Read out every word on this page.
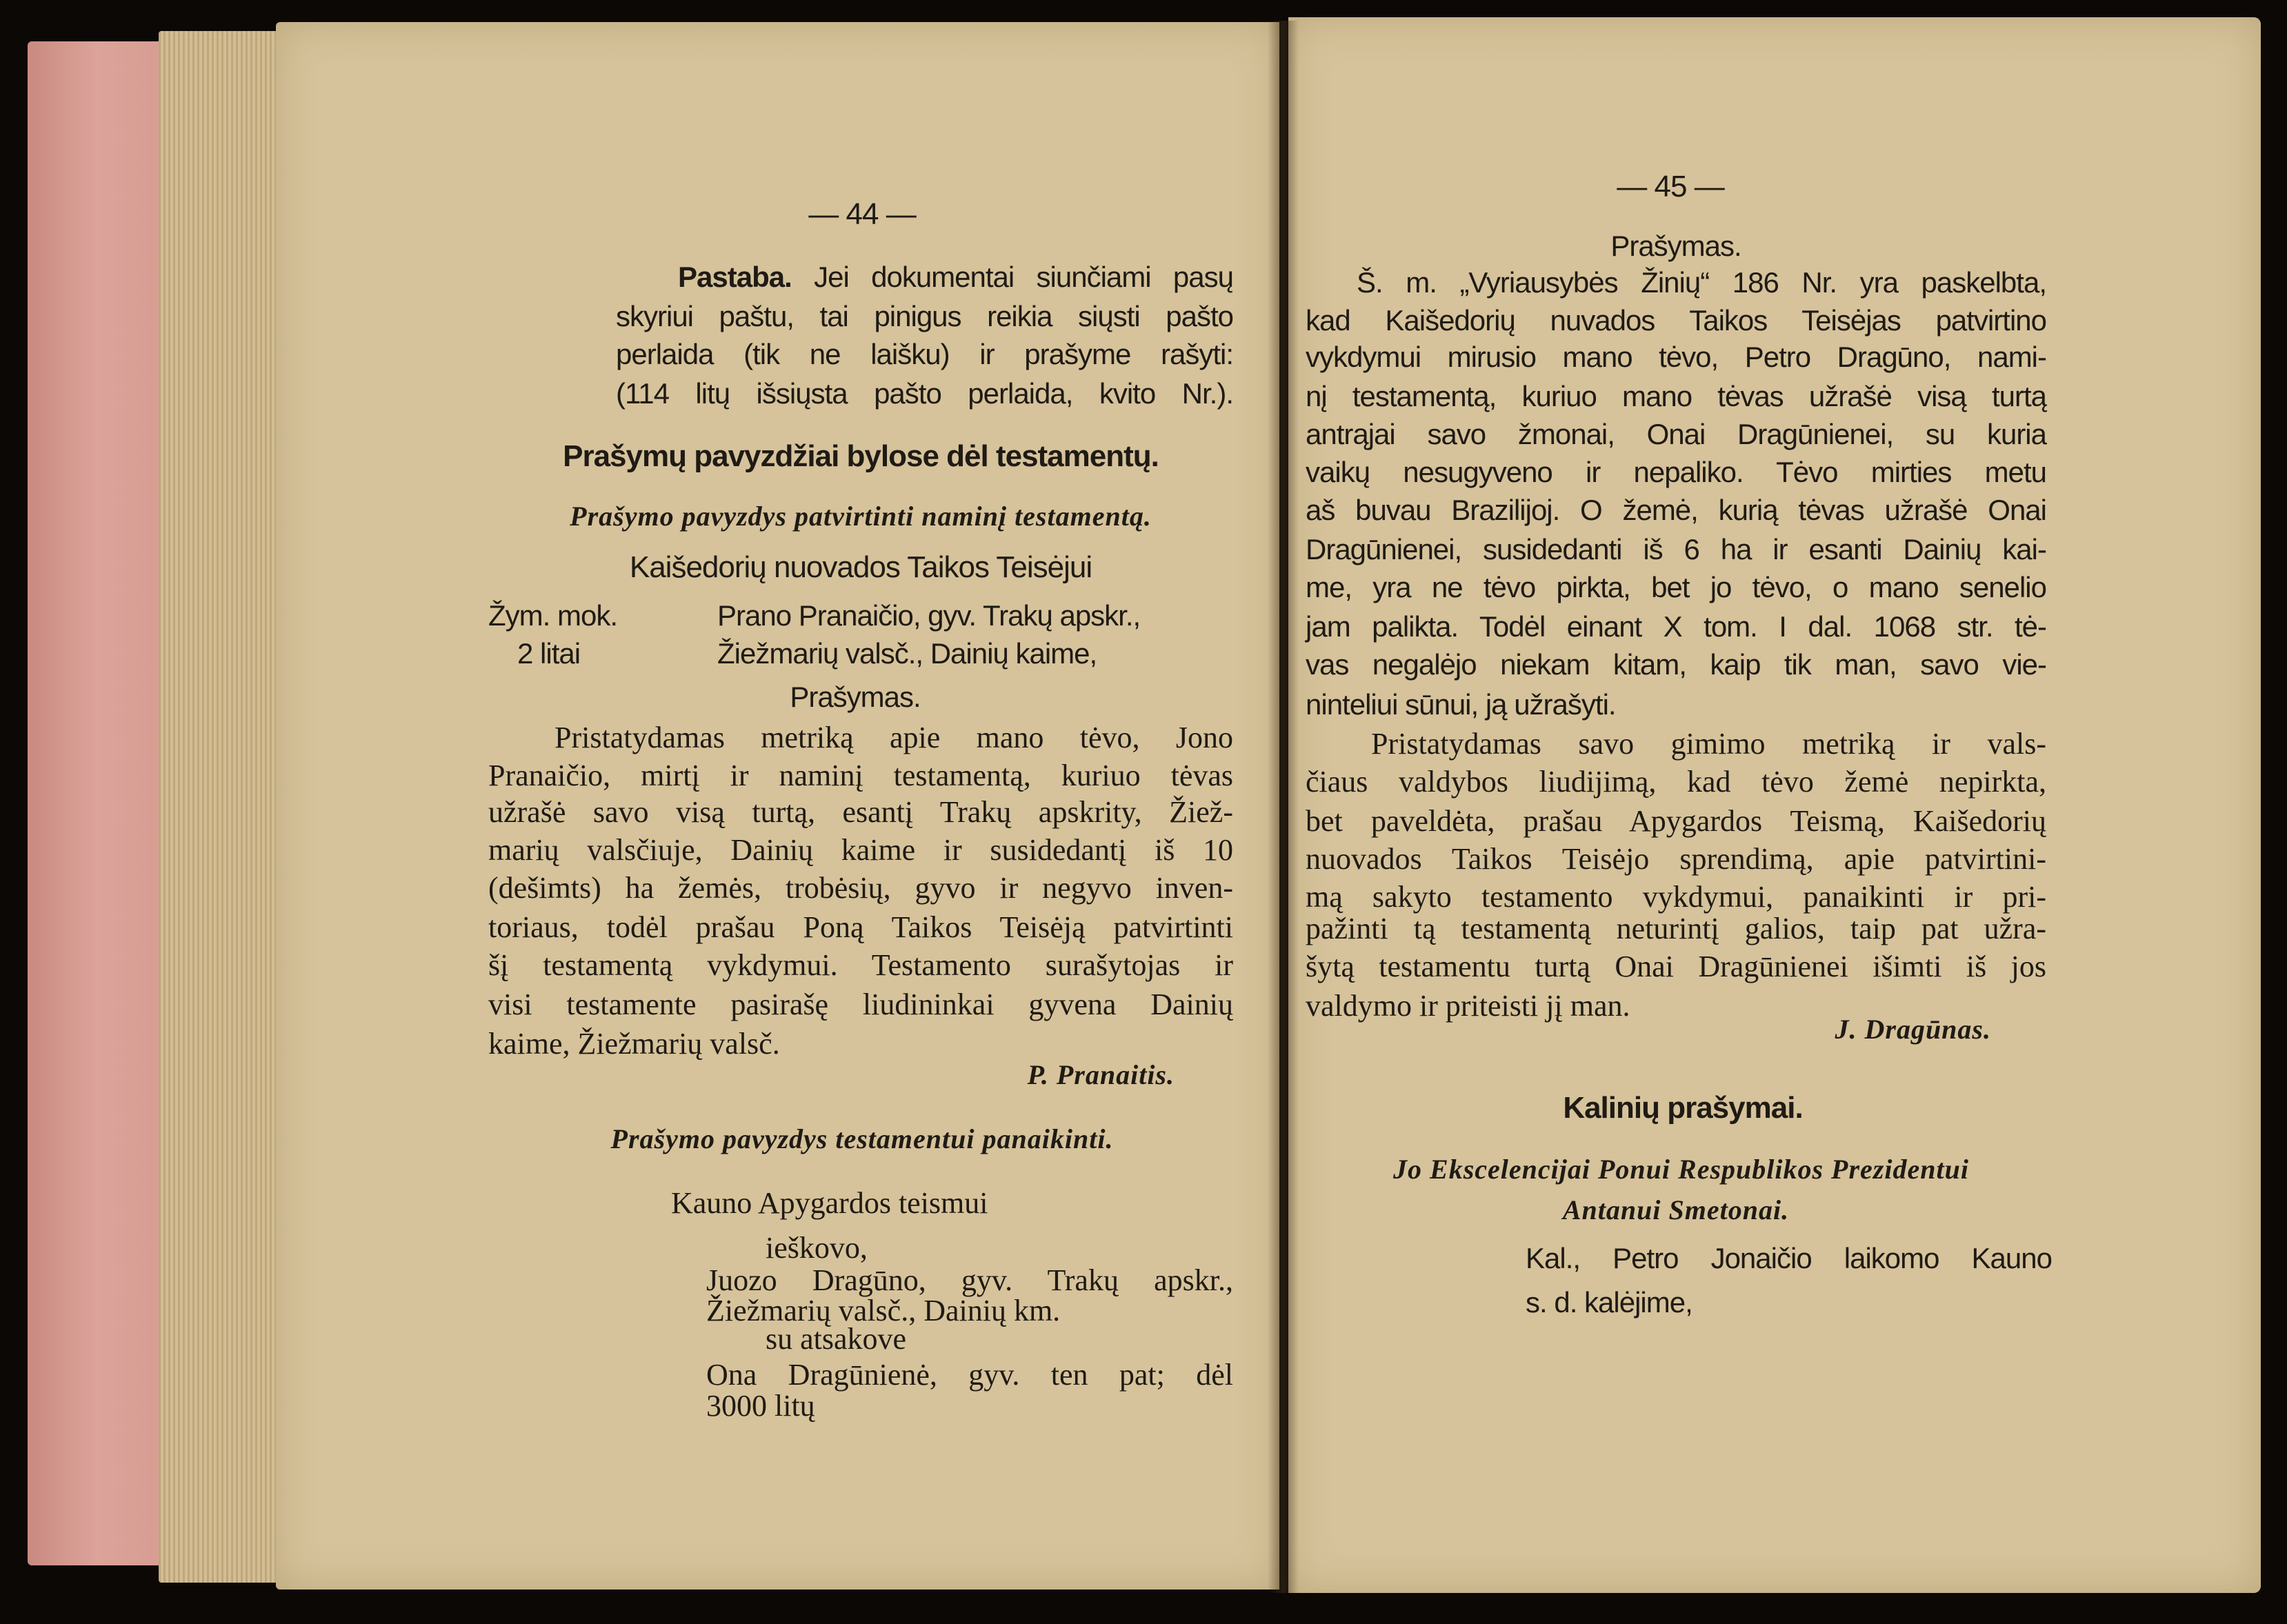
— 44 —
Pastaba. Jei dokumentai siunčiami pasų
skyriui paštu, tai pinigus reikia siųsti pašto
perlaida (tik ne laišku) ir prašyme rašyti:
(114 litų išsiųsta pašto perlaida, kvito Nr.).
Prašymų pavyzdžiai bylose dėl testamentų.
Prašymo pavyzdys patvirtinti naminį testamentą.
Kaišedorių nuovados Taikos Teisėjui
Žym. mok.
2 litai
Prano Pranaičio, gyv. Trakų apskr.,
Žiežmarių valsč., Dainių kaime,
Prašymas.
Pristatydamas metriką apie mano tėvo, Jono
Pranaičio, mirtį ir naminį testamentą, kuriuo tėvas
užrašė savo visą turtą, esantį Trakų apskrity, Žiež-
marių valsčiuje, Dainių kaime ir susidedantį iš 10
(dešimts) ha žemės, trobėsių, gyvo ir negyvo inven-
toriaus, todėl prašau Poną Taikos Teisėją patvirtinti
šį testamentą vykdymui. Testamento surašytojas ir
visi testamente pasirašę liudininkai gyvena Dainių
kaime, Žiežmarių valsč.
P. Pranaitis.
Prašymo pavyzdys testamentui panaikinti.
Kauno Apygardos teismui
ieškovo,
Juozo Dragūno, gyv. Trakų apskr.,
Žiežmarių valsč., Dainių km.
su atsakove
Ona Dragūnienė, gyv. ten pat; dėl
3000 litų
— 45 —
Prašymas.
Š. m. „Vyriausybės Žinių“ 186 Nr. yra paskelbta,
kad Kaišedorių nuvados Taikos Teisėjas patvirtino
vykdymui mirusio mano tėvo, Petro Dragūno, nami-
nį testamentą, kuriuo mano tėvas užrašė visą turtą
antrąjai savo žmonai, Onai Dragūnienei, su kuria
vaikų nesugyveno ir nepaliko. Tėvo mirties metu
aš buvau Brazilijoj. O žemė, kurią tėvas užrašė Onai
Dragūnienei, susidedanti iš 6 ha ir esanti Dainių kai-
me, yra ne tėvo pirkta, bet jo tėvo, o mano senelio
jam palikta. Todėl einant X tom. I dal. 1068 str. tė-
vas negalėjo niekam kitam, kaip tik man, savo vie-
ninteliui sūnui, ją užrašyti.
Pristatydamas savo gimimo metriką ir vals-
čiaus valdybos liudijimą, kad tėvo žemė nepirkta,
bet paveldėta, prašau Apygardos Teismą, Kaišedorių
nuovados Taikos Teisėjo sprendimą, apie patvirtini-
mą sakyto testamento vykdymui, panaikinti ir pri-
pažinti tą testamentą neturintį galios, taip pat užra-
šytą testamentu turtą Onai Dragūnienei išimti iš jos
valdymo ir priteisti jį man.
J. Dragūnas.
Kalinių prašymai.
Jo Ekscelencijai Ponui Respublikos Prezidentui
Antanui Smetonai.
Kal., Petro Jonaičio laikomo Kauno
s. d. kalėjime,
